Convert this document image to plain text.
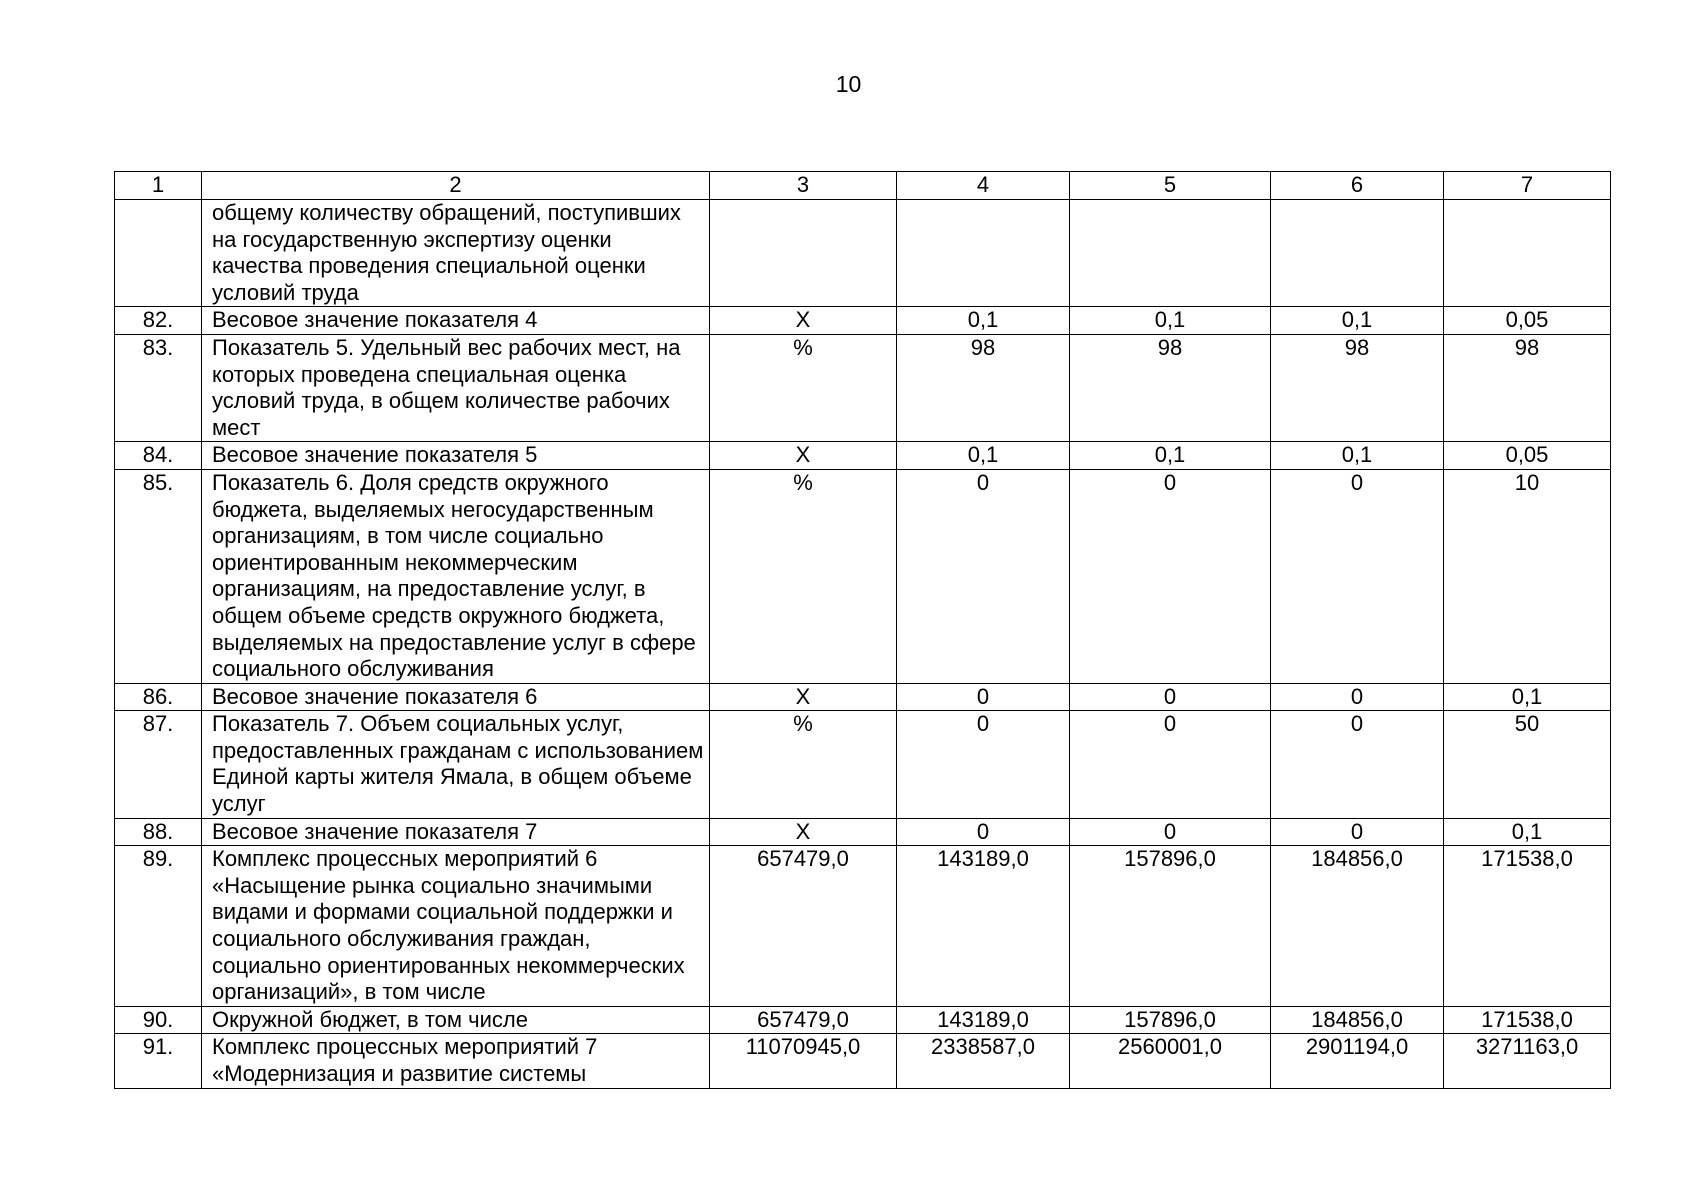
10
1	2	3	4	5	6	7
	общему количеству обращений, поступивших на государственную экспертизу оценки качества проведения специальной оценки условий труда					
82.	Весовое значение показателя 4	Х	0,1	0,1	0,1	0,05
83.	Показатель 5. Удельный вес рабочих мест, на которых проведена специальная оценка условий труда, в общем количестве рабочих мест	%	98	98	98	98
84.	Весовое значение показателя 5	Х	0,1	0,1	0,1	0,05
85.	Показатель 6. Доля средств окружного бюджета, выделяемых негосударственным организациям, в том числе социально ориентированным некоммерческим организациям, на предоставление услуг, в общем объеме средств окружного бюджета, выделяемых на предоставление услуг в сфере социального обслуживания	%	0	0	0	10
86.	Весовое значение показателя 6	Х	0	0	0	0,1
87.	Показатель 7. Объем социальных услуг, предоставленных гражданам с использованием Единой карты жителя Ямала, в общем объеме услуг	%	0	0	0	50
88.	Весовое значение показателя 7	Х	0	0	0	0,1
89.	Комплекс процессных мероприятий 6 «Насыщение рынка социально значимыми видами и формами социальной поддержки и социального обслуживания граждан, социально ориентированных некоммерческих организаций», в том числе	657479,0	143189,0	157896,0	184856,0	171538,0
90.	Окружной бюджет, в том числе	657479,0	143189,0	157896,0	184856,0	171538,0
91.	Комплекс процессных мероприятий 7 «Модернизация и развитие системы	11070945,0	2338587,0	2560001,0	2901194,0	3271163,0
